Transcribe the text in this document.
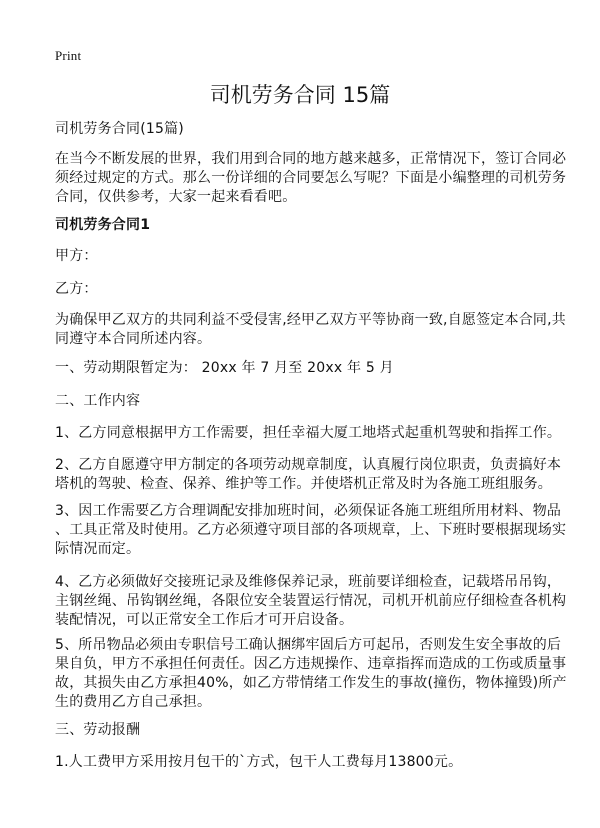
Print
司机劳务合同 15篇
司机劳务合同(15篇)
在当今不断发展的世界，我们用到合同的地方越来越多，正常情况下，签订合同必
须经过规定的方式。那么一份详细的合同要怎么写呢？下面是小编整理的司机劳务
合同，仅供参考，大家一起来看看吧。
司机劳务合同1
甲方：
乙方：
为确保甲乙双方的共同利益不受侵害,经甲乙双方平等协商一致,自愿签定本合同,共
同遵守本合同所述内容。
一、劳动期限暂定为： 20xx 年 7 月至 20xx 年 5 月
二、工作内容
1、乙方同意根据甲方工作需要，担任幸福大厦工地塔式起重机驾驶和指挥工作。
2、乙方自愿遵守甲方制定的各项劳动规章制度，认真履行岗位职责，负责搞好本
塔机的驾驶、检查、保养、维护等工作。并使塔机正常及时为各施工班组服务。
3、因工作需要乙方合理调配安排加班时间，必须保证各施工班组所用材料、物品
、工具正常及时使用。乙方必须遵守项目部的各项规章，上、下班时要根据现场实
际情况而定。
4、乙方必须做好交接班记录及维修保养记录，班前要详细检查，记载塔吊吊钩，
主钢丝绳、吊钩钢丝绳，各限位安全装置运行情况，司机开机前应仔细检查各机构
装配情况，可以正常安全工作后才可开启设备。
5、所吊物品必须由专职信号工确认捆绑牢固后方可起吊，否则发生安全事故的后
果自负，甲方不承担任何责任。因乙方违规操作、违章指挥而造成的工伤或质量事
故，其损失由乙方承担40%，如乙方带情绪工作发生的事故(撞伤，物体撞毁)所产
生的费用乙方自己承担。
三、劳动报酬
1.人工费甲方采用按月包干的`方式，包干人工费每月13800元。
